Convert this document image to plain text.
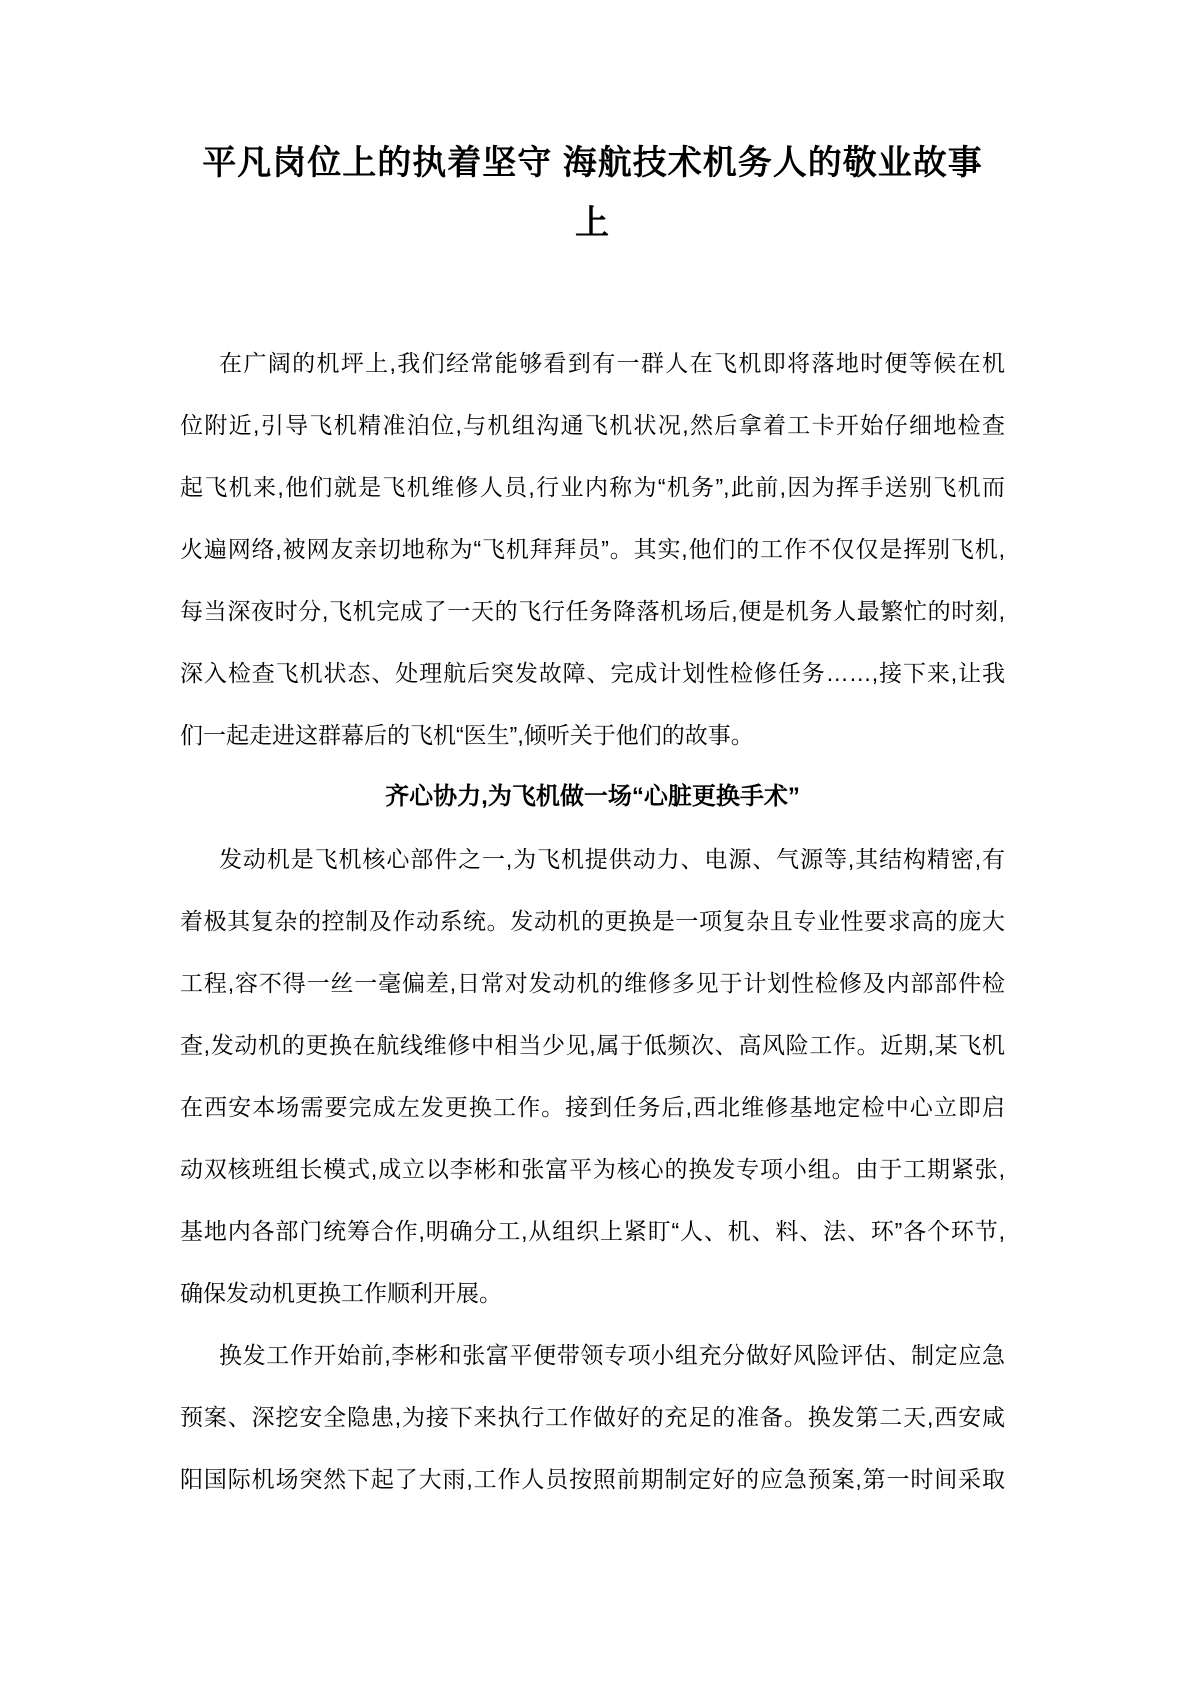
平凡岗位上的执着坚守 海航技术机务人的敬业故事
上
在广阔的机坪上,我们经常能够看到有一群人在飞机即将落地时便等候在机
位附近,引导飞机精准泊位,与机组沟通飞机状况,然后拿着工卡开始仔细地检查
起飞机来,他们就是飞机维修人员,行业内称为“机务”,此前,因为挥手送别飞机而
火遍网络,被网友亲切地称为“飞机拜拜员”。其实,他们的工作不仅仅是挥别飞机,
每当深夜时分,飞机完成了一天的飞行任务降落机场后,便是机务人最繁忙的时刻,
深入检查飞机状态、处理航后突发故障、完成计划性检修任务……,接下来,让我
们一起走进这群幕后的飞机“医生”,倾听关于他们的故事。
齐心协力,为飞机做一场“心脏更换手术”
发动机是飞机核心部件之一,为飞机提供动力、电源、气源等,其结构精密,有
着极其复杂的控制及作动系统。发动机的更换是一项复杂且专业性要求高的庞大
工程,容不得一丝一毫偏差,日常对发动机的维修多见于计划性检修及内部部件检
查,发动机的更换在航线维修中相当少见,属于低频次、高风险工作。近期,某飞机
在西安本场需要完成左发更换工作。接到任务后,西北维修基地定检中心立即启
动双核班组长模式,成立以李彬和张富平为核心的换发专项小组。由于工期紧张,
基地内各部门统筹合作,明确分工,从组织上紧盯“人、机、料、法、环”各个环节,
确保发动机更换工作顺利开展。
换发工作开始前,李彬和张富平便带领专项小组充分做好风险评估、制定应急
预案、深挖安全隐患,为接下来执行工作做好的充足的准备。换发第二天,西安咸
阳国际机场突然下起了大雨,工作人员按照前期制定好的应急预案,第一时间采取
